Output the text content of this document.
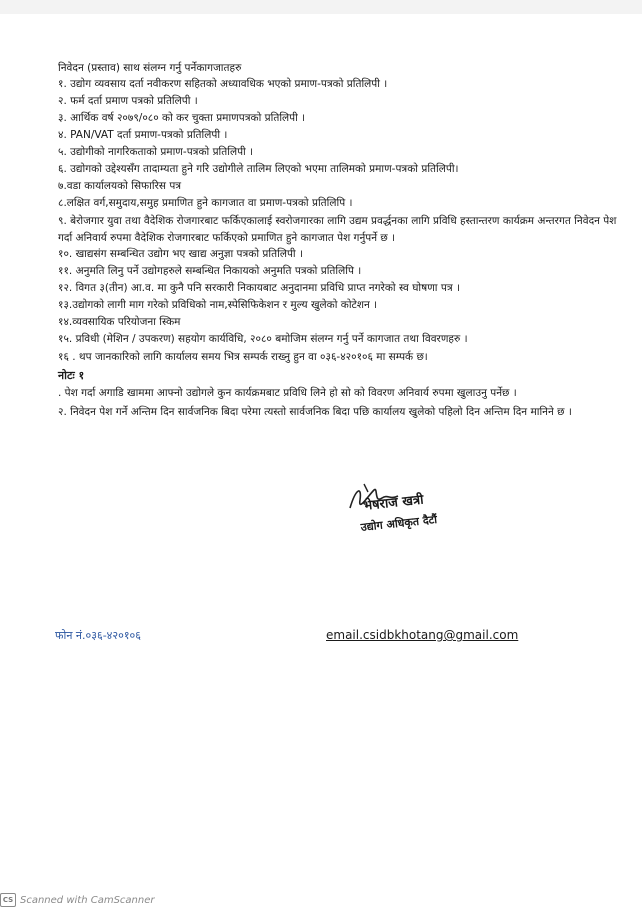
निवेदन (प्रस्ताव) साथ संलग्न गर्नु पर्नेकागजातहरु
१. उद्योग व्यवसाय दर्ता नवीकरण सहितको अध्यावधिक भएको प्रमाण-पत्रको प्रतिलिपी ।
२. फर्म दर्ता प्रमाण पत्रको प्रतिलिपी ।
३. आर्थिक वर्ष २०७९/०८० को कर चुक्ता प्रमाणपत्रको प्रतिलिपी ।
४. PAN/VAT दर्ता प्रमाण-पत्रको प्रतिलिपी ।
५. उद्योगीको नागरिकताको प्रमाण-पत्रको प्रतिलिपी ।
६. उद्योगको उद्देश्यसँग तादाम्यता हुने गरि उद्योगीले तालिम लिएको भएमा तालिमको प्रमाण-पत्रको प्रतिलिपी।
७.वडा कार्यालयको सिफारिस पत्र
८.लक्षित वर्ग,समुदाय,समुह प्रमाणित हुने कागजात वा प्रमाण-पत्रको प्रतिलिपि ।
९. बेरोजगार युवा तथा वैदेशिक रोजगारबाट फर्किएकालाई स्वरोजगारका लागि उद्यम प्रवर्द्धनका लागि प्रविधि हस्तान्तरण कार्यक्रम अन्तरगत निवेदन पेश गर्दा अनिवार्य रुपमा वैदेशिक रोजगारबाट फर्किएको प्रमाणित हुने कागजात पेश गर्नुपर्ने छ ।
१०. खाद्यसंग सम्बन्धित उद्योग भए खाद्य अनुज्ञा पत्रको प्रतिलिपी ।
११. अनुमति लिनु पर्ने उद्योगहरुले सम्बन्धित निकायको अनुमति पत्रको प्रतिलिपि ।
१२. विगत ३(तीन) आ.व. मा कुनै पनि सरकारी निकायबाट अनुदानमा प्रविधि प्राप्त नगरेको स्व घोषणा पत्र ।
१३.उद्योगको लागी माग गरेको प्रविधिको नाम,स्पेसिफिकेशन र मुल्य खुलेको कोटेशन ।
१४.व्यवसायिक परियोजना स्किम
१५. प्रविधी (मेशिन / उपकरण) सहयोग कार्यविधि, २०८० बमोजिम संलग्न गर्नु पर्ने कागजात तथा विवरणहरु ।
१६ . थप जानकारिको लागि कार्यालय समय भित्र सम्पर्क राख्नु हुन वा ०३६-४२०१०६ मा सम्पर्क छ।
नोटः १
. पेश गर्दा अगाडि खाममा आफ्नो उद्योगले कुन कार्यक्रमबाट प्रविधि लिने हो सो को विवरण अनिवार्य रुपमा खुलाउनु पर्नेछ ।
२. निवेदन पेश गर्ने अन्तिम दिन सार्वजनिक बिदा परेमा त्यस्तो सार्वजनिक बिदा पछि कार्यालय खुलेको पहिलो दिन अन्तिम दिन मानिने छ ।
भेषराज खत्री
उद्योग अधिकृत दैटौं
फोन नं.०३६-४२०१०६	email.csidbkhotang@gmail.com
CS Scanned with CamScanner
